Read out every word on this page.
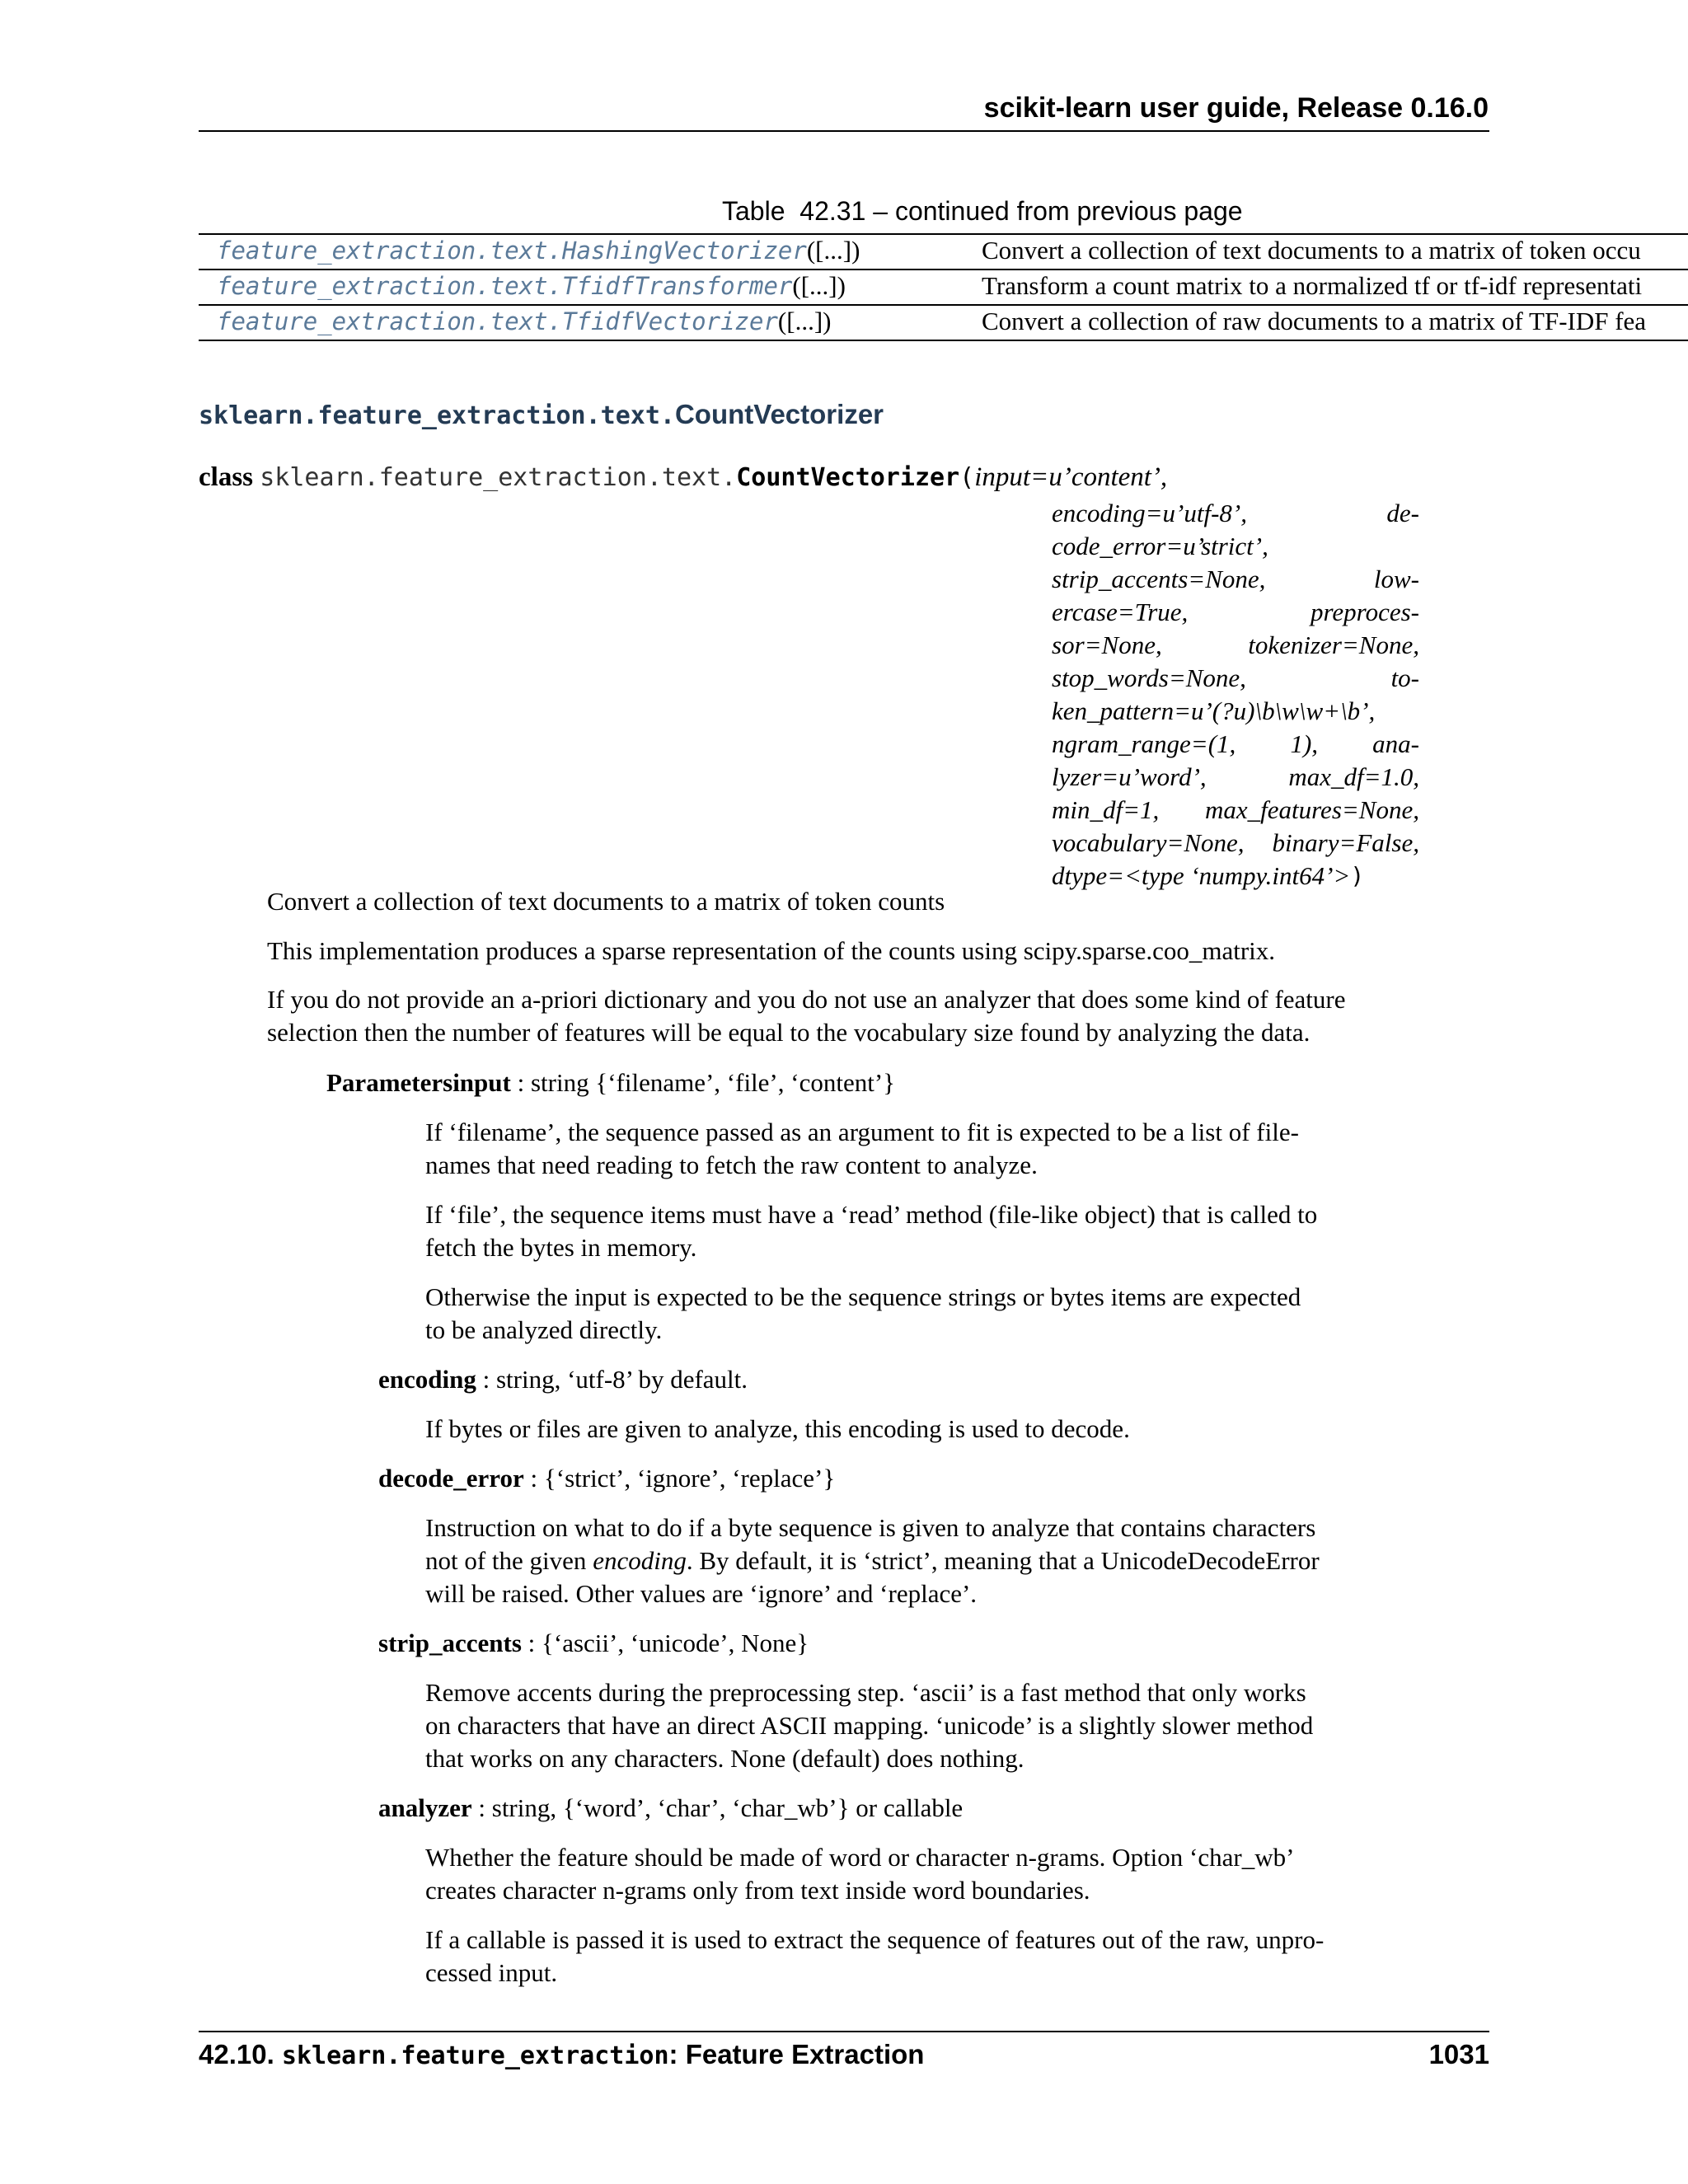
scikit-learn user guide, Release 0.16.0
Table  42.31 – continued from previous page
feature_extraction.text.HashingVectorizer([...])	Convert a collection of text documents to a matrix of token occu
feature_extraction.text.TfidfTransformer([...])	Transform a count matrix to a normalized tf or tf-idf representati
feature_extraction.text.TfidfVectorizer([...])	Convert a collection of raw documents to a matrix of TF-IDF fea
sklearn.feature_extraction.text.CountVectorizer
class sklearn.feature_extraction.text.CountVectorizer(input=u’content’,
encoding=u’utf-8’,	de-
code_error=u’strict’,
strip_accents=None,	low-
ercase=True,	preproces-
sor=None,	tokenizer=None,
stop_words=None,	to-
ken_pattern=u’(?u)\b\w\w+\b’,
ngram_range=(1, 1), ana-
lyzer=u’word’,	max_df=1.0,
min_df=1, max_features=None,
vocabulary=None, binary=False,
dtype=<type ‘numpy.int64’> )
Convert a collection of text documents to a matrix of token counts
This implementation produces a sparse representation of the counts using scipy.sparse.coo_matrix.
If you do not provide an a-priori dictionary and you do not use an analyzer that does some kind of feature
selection then the number of features will be equal to the vocabulary size found by analyzing the data.
Parametersinput : string {‘filename’, ‘file’, ‘content’}
If ‘filename’, the sequence passed as an argument to fit is expected to be a list of file-
names that need reading to fetch the raw content to analyze.
If ‘file’, the sequence items must have a ‘read’ method (file-like object) that is called to
fetch the bytes in memory.
Otherwise the input is expected to be the sequence strings or bytes items are expected
to be analyzed directly.
encoding : string, ‘utf-8’ by default.
If bytes or files are given to analyze, this encoding is used to decode.
decode_error : {‘strict’, ‘ignore’, ‘replace’}
Instruction on what to do if a byte sequence is given to analyze that contains characters
not of the given encoding. By default, it is ‘strict’, meaning that a UnicodeDecodeError
will be raised. Other values are ‘ignore’ and ‘replace’.
strip_accents : {‘ascii’, ‘unicode’, None}
Remove accents during the preprocessing step. ‘ascii’ is a fast method that only works
on characters that have an direct ASCII mapping. ‘unicode’ is a slightly slower method
that works on any characters. None (default) does nothing.
analyzer : string, {‘word’, ‘char’, ‘char_wb’} or callable
Whether the feature should be made of word or character n-grams. Option ‘char_wb’
creates character n-grams only from text inside word boundaries.
If a callable is passed it is used to extract the sequence of features out of the raw, unpro-
cessed input.
42.10. sklearn.feature_extraction: Feature Extraction	1031
